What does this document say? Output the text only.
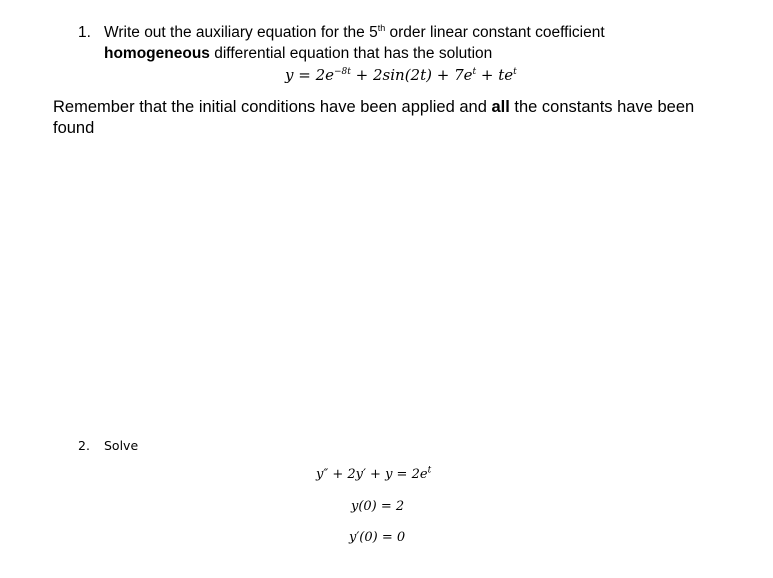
1. Write out the auxiliary equation for the 5th order linear constant coefficient
homogeneous differential equation that has the solution
$y = 2e^{-8t} + 2\sin(2t) + 7e^t + te^t$
Remember that the initial conditions have been applied and all the constants have been found
2. Solve
$y'' + 2y' + y = 2e^t$
y(0) = 2
y′(0) = 0
